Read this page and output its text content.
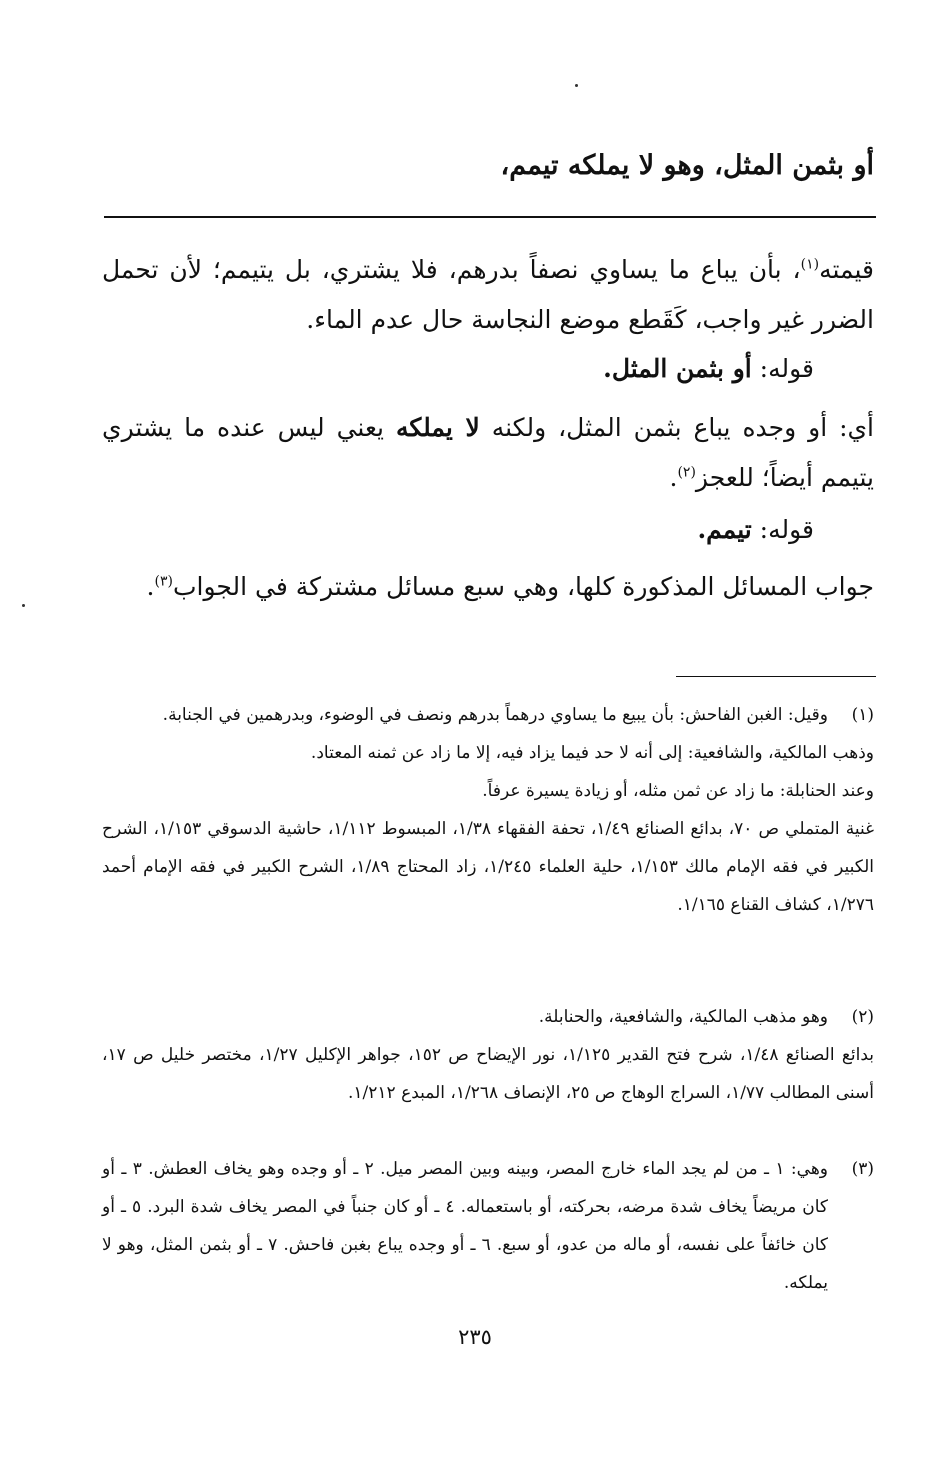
أو بثمن المثل، وهو لا يملكه تيمم،
قيمته$^{(١)}$، بأن يباع ما يساوي نصفاً بدرهم، فلا يشتري، بل يتيمم؛ لأن تحمل الضرر غير واجب، كَقَطع موضع النجاسة حال عدم الماء.
قوله: أو بثمن المثل.
أي: أو وجده يباع بثمن المثل، ولكنه لا يملكه يعني ليس عنده ما يشتري يتيمم أيضاً؛ للعجز$^{(٢)}$.
قوله: تيمم.
جواب المسائل المذكورة كلها، وهي سبع مسائل مشتركة في الجواب$^{(٣)}$.
(١)
وقيل: الغبن الفاحش: بأن يبيع ما يساوي درهماً بدرهم ونصف في الوضوء، وبدرهمين في الجنابة.
وذهب المالكية، والشافعية: إلى أنه لا حد فيما يزاد فيه، إلا ما زاد عن ثمنه المعتاد.
وعند الحنابلة: ما زاد عن ثمن مثله، أو زيادة يسيرة عرفاً.
غنية المتملي ص ٧٠، بدائع الصنائع ١/٤٩، تحفة الفقهاء ١/٣٨، المبسوط ١/١١٢، حاشية الدسوقي ١/١٥٣، الشرح الكبير في فقه الإمام مالك ١/١٥٣، حلية العلماء ١/٢٤٥، زاد المحتاج ١/٨٩، الشرح الكبير في فقه الإمام أحمد ١/٢٧٦، كشاف القناع ١/١٦٥.
(٢)
وهو مذهب المالكية، والشافعية، والحنابلة.
بدائع الصنائع ١/٤٨، شرح فتح القدير ١/١٢٥، نور الإيضاح ص ١٥٢، جواهر الإكليل ١/٢٧، مختصر خليل ص ١٧، أسنى المطالب ١/٧٧، السراج الوهاج ص ٢٥، الإنصاف ١/٢٦٨، المبدع ١/٢١٢.
(٣)
وهي: ١ ـ من لم يجد الماء خارج المصر، وبينه وبين المصر ميل. ٢ ـ أو وجده وهو يخاف العطش. ٣ ـ أو كان مريضاً يخاف شدة مرضه، بحركته، أو باستعماله. ٤ ـ أو كان جنباً في المصر يخاف شدة البرد. ٥ ـ أو كان خائفاً على نفسه، أو ماله من عدو، أو سبع. ٦ ـ أو وجده يباع بغبن فاحش. ٧ ـ أو بثمن المثل، وهو لا يملكه.
٢٣٥
